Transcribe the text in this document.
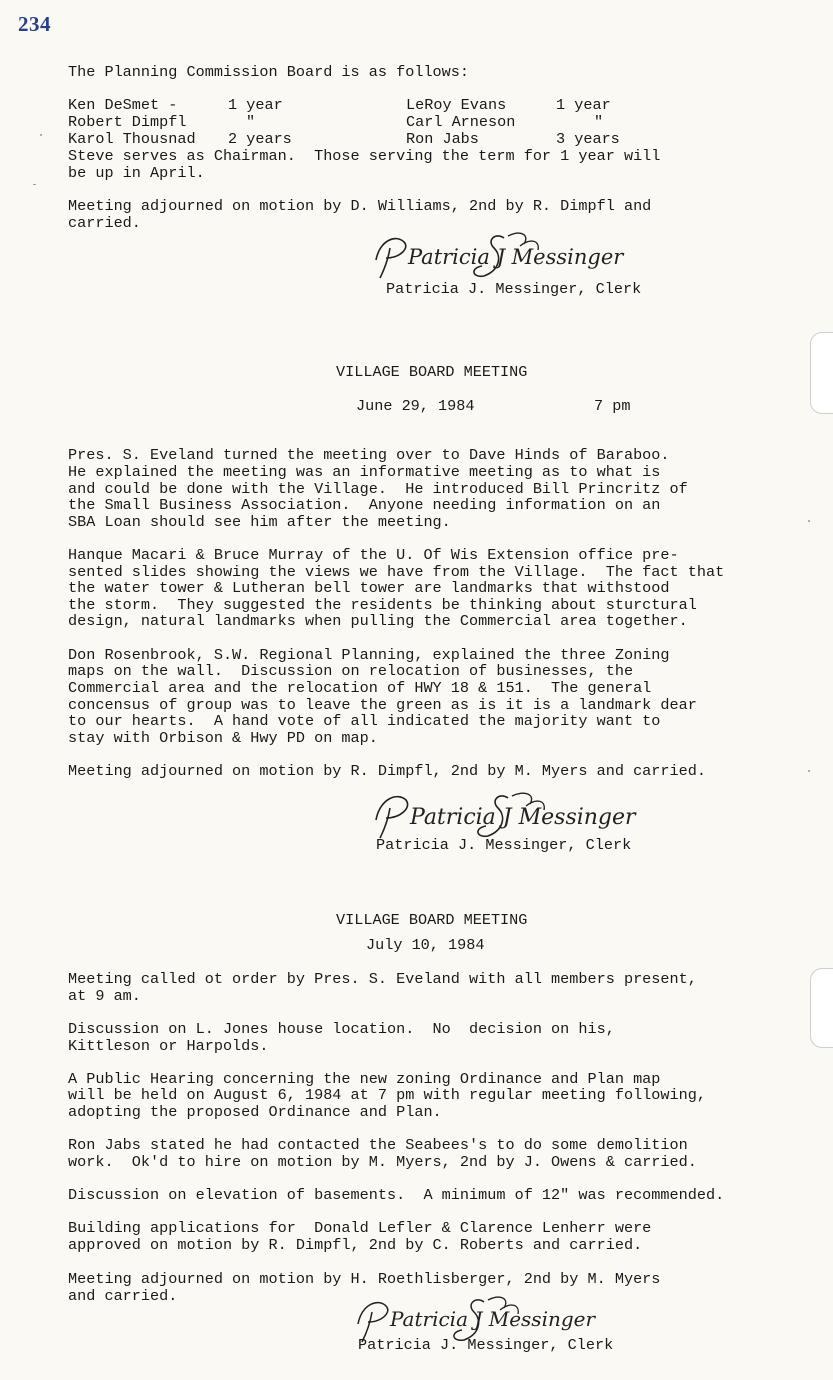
234
The Planning Commission Board is as follows:
Ken DeSmet -	1 year	LeRoy Evans	1 year
Robert Dimpfl	"	Carl Arneson	"
Karol Thousnad 2 years	Ron Jabs	3 years
Steve serves as Chairman.  Those serving the term for 1 year will
be up in April.
Meeting adjourned on motion by D. Williams, 2nd by R. Dimpfl and
carried.
Patricia J Messinger
Patricia J. Messinger, Clerk
VILLAGE BOARD MEETING
June 29, 1984	7 pm
Pres. S. Eveland turned the meeting over to Dave Hinds of Baraboo.
He explained the meeting was an informative meeting as to what is
and could be done with the Village.  He introduced Bill Princritz of
the Small Business Association.  Anyone needing information on an
SBA Loan should see him after the meeting.
Hanque Macari & Bruce Murray of the U. Of Wis Extension office pre-
sented slides showing the views we have from the Village.  The fact that
the water tower & Lutheran bell tower are landmarks that withstood
the storm.  They suggested the residents be thinking about sturctural
design, natural landmarks when pulling the Commercial area together.
Don Rosenbrook, S.W. Regional Planning, explained the three Zoning
maps on the wall.  Discussion on relocation of businesses, the
Commercial area and the relocation of HWY 18 & 151.  The general
concensus of group was to leave the green as is it is a landmark dear
to our hearts.  A hand vote of all indicated the majority want to
stay with Orbison & Hwy PD on map.
Meeting adjourned on motion by R. Dimpfl, 2nd by M. Myers and carried.
Patricia J Messinger
Patricia J. Messinger, Clerk
VILLAGE BOARD MEETING
July 10, 1984
Meeting called ot order by Pres. S. Eveland with all members present,
at 9 am.
Discussion on L. Jones house location.  No  decision on his,
Kittleson or Harpolds.
A Public Hearing concerning the new zoning Ordinance and Plan map
will be held on August 6, 1984 at 7 pm with regular meeting following,
adopting the proposed Ordinance and Plan.
Ron Jabs stated he had contacted the Seabees's to do some demolition
work.  Ok'd to hire on motion by M. Myers, 2nd by J. Owens & carried.
Discussion on elevation of basements.  A minimum of 12" was recommended.
Building applications for  Donald Lefler & Clarence Lenherr were
approved on motion by R. Dimpfl, 2nd by C. Roberts and carried.
Meeting adjourned on motion by H. Roethlisberger, 2nd by M. Myers
and carried.
Patricia J Messinger
Patricia J. Messinger, Clerk
